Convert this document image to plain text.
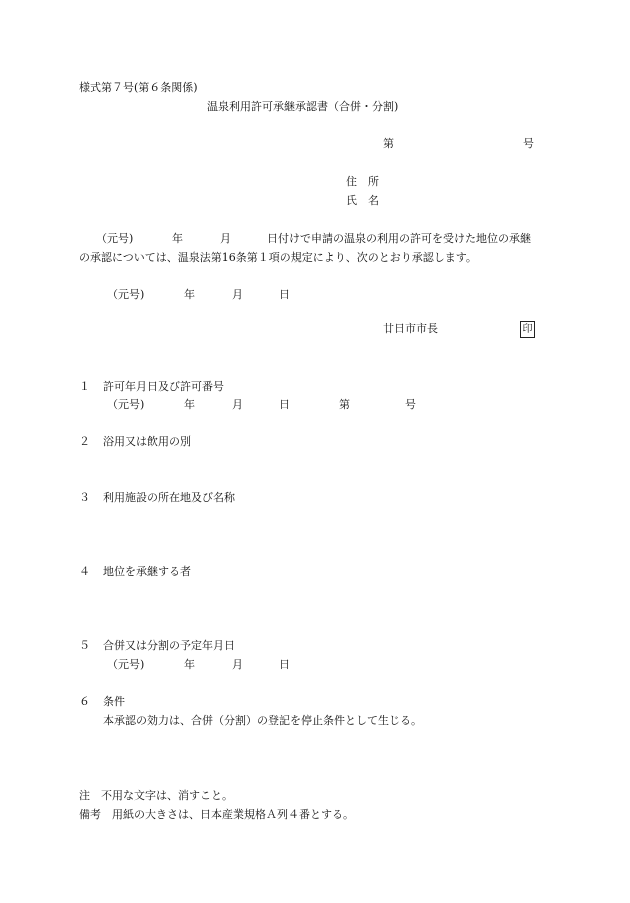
様式第７号(第６条関係)
温泉利用許可承継承認書（合併・分割)
第	号
住　所
氏　名
（元号)	年	月	日付けで申請の温泉の利用の許可を受けた地位の承継
の承認については、温泉法第16条第１項の規定により、次のとおり承認します。
（元号)	年	月	日
廿日市市長	印
１ 許可年月日及び許可番号
（元号)	年	月	日	第	号
２ 浴用又は飲用の別
３ 利用施設の所在地及び名称
４ 地位を承継する者
５ 合併又は分割の予定年月日
（元号)	年	月	日
６ 条件
本承認の効力は、合併（分割）の登記を停止条件として生じる。
注　不用な文字は、消すこと。
備考　用紙の大きさは、日本産業規格Ａ列４番とする。
